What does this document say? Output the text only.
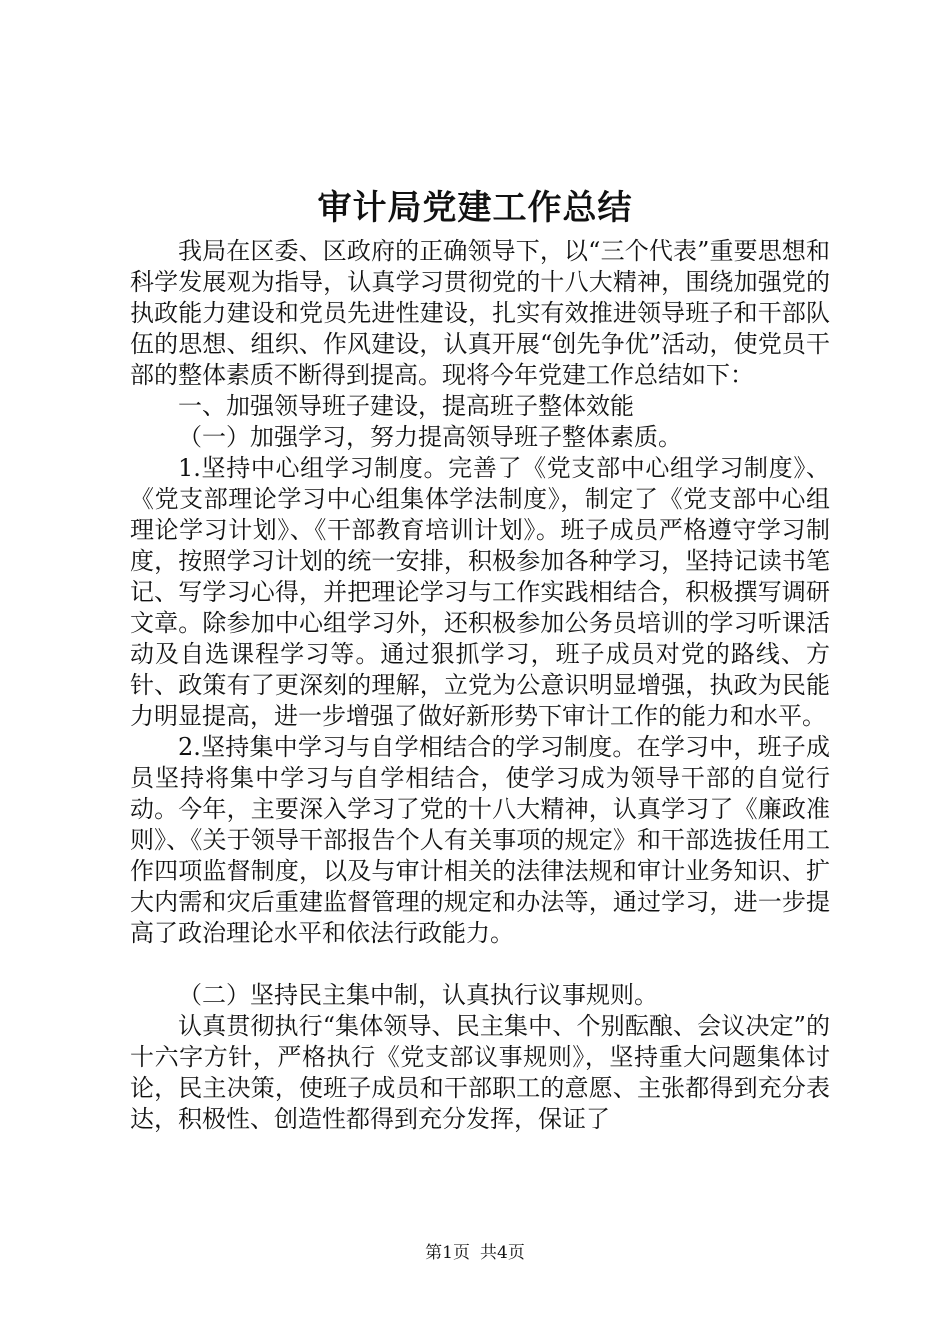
审计局党建工作总结

我局在区委、区政府的正确领导下，以“三个代表”重要思想和科学发展观为指导，认真学习贯彻党的十八大精神，围绕加强党的执政能力建设和党员先进性建设，扎实有效推进领导班子和干部队伍的思想、组织、作风建设，认真开展“创先争优”活动，使党员干部的整体素质不断得到提高。现将今年党建工作总结如下：

一、加强领导班子建设，提高班子整体效能

（一）加强学习，努力提高领导班子整体素质。

1.坚持中心组学习制度。完善了《党支部中心组学习制度》、《党支部理论学习中心组集体学法制度》，制定了《党支部中心组理论学习计划》、《干部教育培训计划》。班子成员严格遵守学习制度，按照学习计划的统一安排，积极参加各种学习，坚持记读书笔记、写学习心得，并把理论学习与工作实践相结合，积极撰写调研文章。除参加中心组学习外，还积极参加公务员培训的学习听课活动及自选课程学习等。通过狠抓学习，班子成员对党的路线、方针、政策有了更深刻的理解，立党为公意识明显增强，执政为民能力明显提高，进一步增强了做好新形势下审计工作的能力和水平。

2.坚持集中学习与自学相结合的学习制度。在学习中，班子成员坚持将集中学习与自学相结合，使学习成为领导干部的自觉行动。今年，主要深入学习了党的十八大精神，认真学习了《廉政准则》、《关于领导干部报告个人有关事项的规定》和干部选拔任用工作四项监督制度，以及与审计相关的法律法规和审计业务知识、扩大内需和灾后重建监督管理的规定和办法等，通过学习，进一步提高了政治理论水平和依法行政能力。

（二）坚持民主集中制，认真执行议事规则。

认真贯彻执行“集体领导、民主集中、个别酝酿、会议决定”的十六字方针，严格执行《党支部议事规则》，坚持重大问题集体讨论，民主决策，使班子成员和干部职工的意愿、主张都得到充分表达，积极性、创造性都得到充分发挥，保证了

第1页 共4页
